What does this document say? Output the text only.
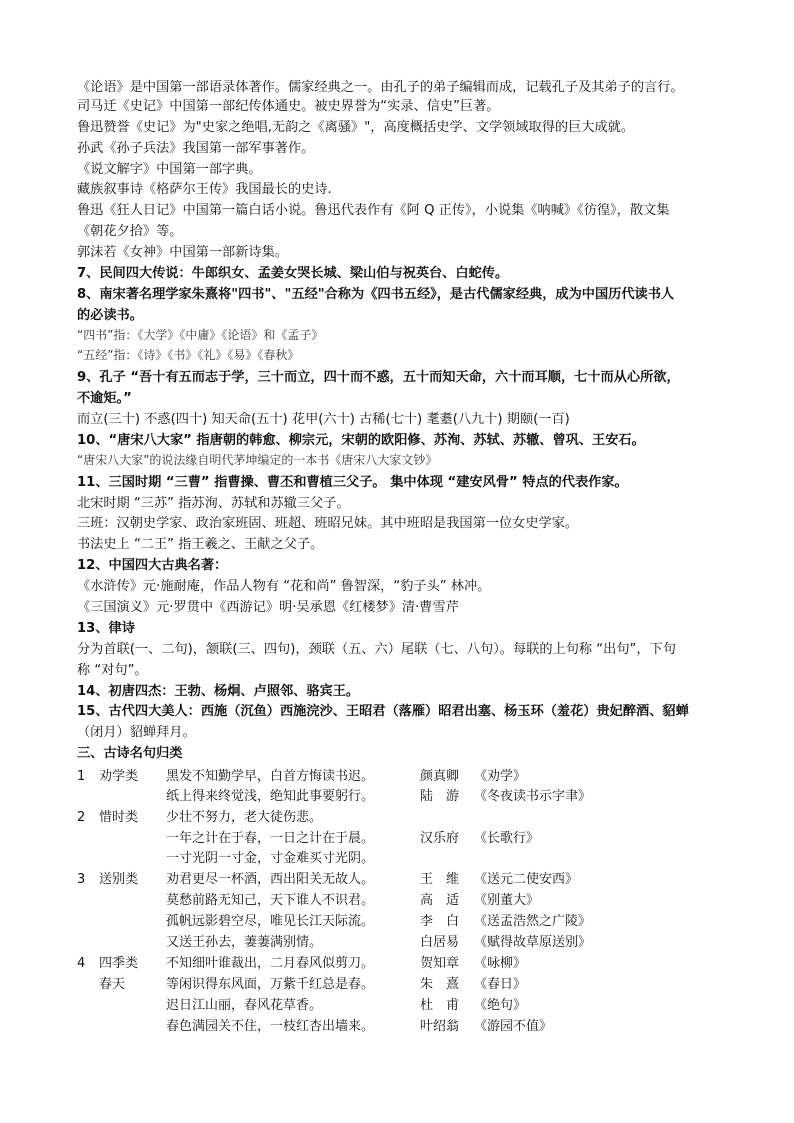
《论语》是中国第一部语录体著作。儒家经典之一。由孔子的弟子编辑而成，记载孔子及其弟子的言行。
司马迁《史记》中国第一部纪传体通史。被史界誉为“实录、信史”巨著。
鲁迅赞誉《史记》为"史家之绝唱,无韵之《离骚》"，高度概括史学、文学领域取得的巨大成就。
孙武《孙子兵法》我国第一部军事著作。
《说文解字》中国第一部字典。
藏族叙事诗《格萨尔王传》我国最长的史诗.
鲁迅《狂人日记》中国第一篇白话小说。鲁迅代表作有《阿 Q 正传》，小说集《呐喊》《彷徨》，散文集
《朝花夕拾》等。
郭沫若《女神》中国第一部新诗集。
7、民间四大传说：牛郎织女、孟姜女哭长城、梁山伯与祝英台、白蛇传。
8、南宋著名理学家朱熹将"四书"、"五经"合称为《四书五经》，是古代儒家经典，成为中国历代读书人
的必读书。
“四书”指：《大学》《中庸》《论语》和《孟子》
“五经”指：《诗》《书》《礼》《易》《春秋》
9、孔子 “吾十有五而志于学，三十而立，四十而不惑，五十而知天命，六十而耳顺，七十而从心所欲，
不逾矩。”
而立(三十) 不惑(四十) 知天命(五十) 花甲(六十) 古稀(七十) 耄耋(八九十) 期颐(一百)
10、“唐宋八大家” 指唐朝的韩愈、柳宗元，宋朝的欧阳修、苏洵、苏轼、苏辙、曾巩、王安石。
“唐宋八大家”的说法缘自明代茅坤编定的一本书《唐宋八大家文钞》
11、三国时期 “三曹” 指曹操、曹丕和曹植三父子。 集中体现 “建安风骨” 特点的代表作家。
北宋时期 “三苏” 指苏洵、苏轼和苏辙三父子。
三班：汉朝史学家、政治家班固、班超、班昭兄妹。其中班昭是我国第一位女史学家。
书法史上 “二王” 指王羲之、王献之父子。
12、中国四大古典名著：
《水浒传》元·施耐庵，作品人物有 “花和尚” 鲁智深，“豹子头” 林冲。
《三国演义》元·罗贯中《西游记》明·吴承恩《红楼梦》清·曹雪芹
13、律诗
分为首联(一、二句)，颔联(三、四句)，颈联（五、六）尾联（七、八句）。每联的上句称 “出句”，下句
称 “对句”。
14、初唐四杰：王勃、杨炯、卢照邻、骆宾王。
15、古代四大美人：西施（沉鱼）西施浣沙、王昭君（落雁）昭君出塞、杨玉环（羞花）贵妃醉酒、貂蝉
（闭月）貂蝉拜月。
三、古诗名句归类
1 劝学类 黑发不知勤学早，白首方悔读书迟。	颜真卿 《劝学》
纸上得来终觉浅，绝知此事要躬行。	陆　游 《冬夜读书示字聿》
2 惜时类 少壮不努力，老大徒伤悲。
一年之计在于春，一日之计在于晨。	汉乐府 《长歌行》
一寸光阴一寸金，寸金难买寸光阴。
3 送别类 劝君更尽一杯酒，西出阳关无故人。	王　维 《送元二使安西》
莫愁前路无知己，天下谁人不识君。	高　适 《别董大》
孤帆远影碧空尽，唯见长江天际流。	李　白 《送孟浩然之广陵》
又送王孙去，萋萋满别情。	白居易 《赋得故草原送别》
4 四季类 不知细叶谁裁出，二月春风似剪刀。	贺知章 《咏柳》
春天	等闲识得东风面，万紫千红总是春。	朱　熹 《春日》
迟日江山丽，春风花草香。	杜　甫 《绝句》
春色满园关不住，一枝红杏出墙来。	叶绍翁 《游园不值》
